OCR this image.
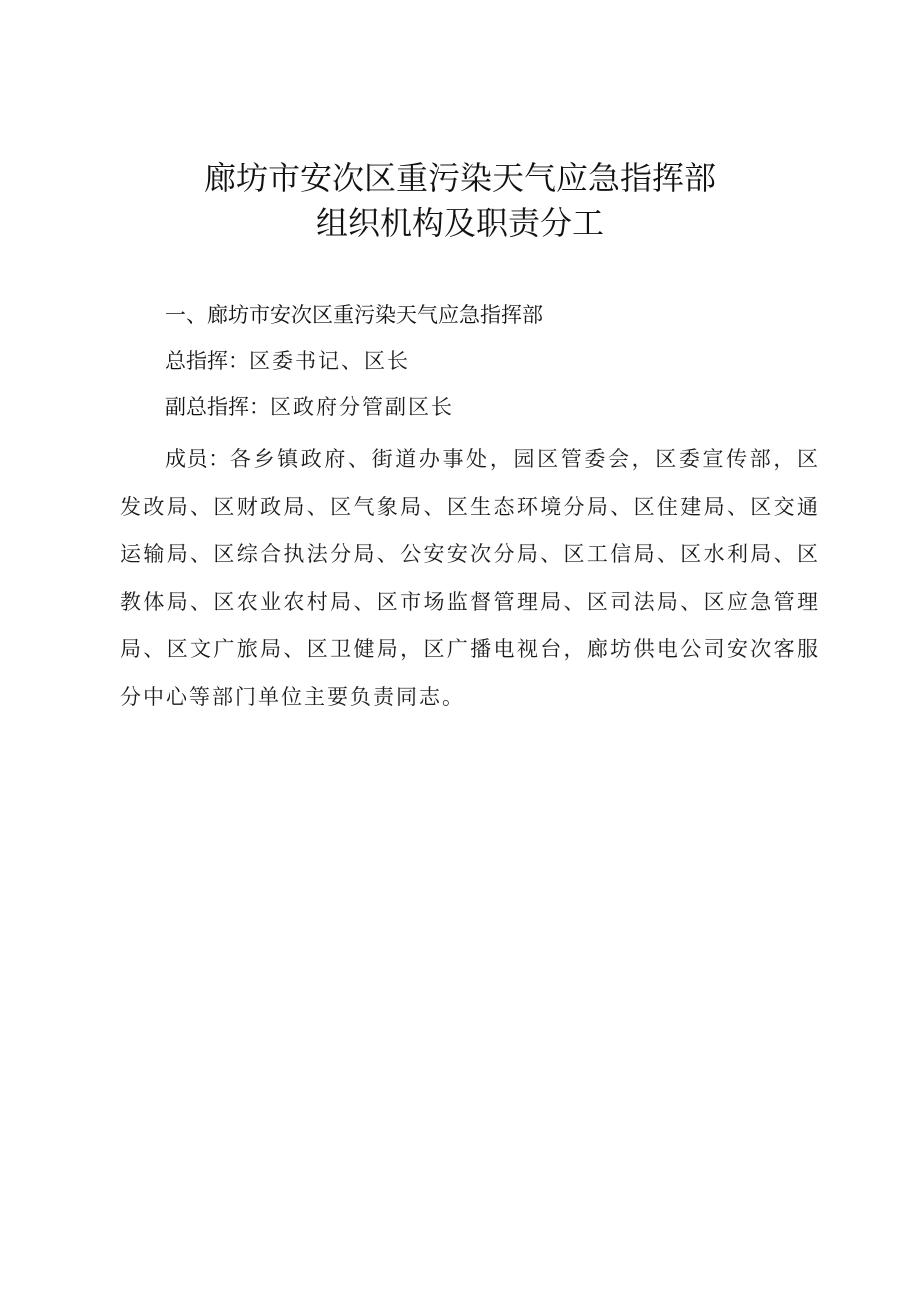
廊坊市安次区重污染天气应急指挥部
组织机构及职责分工
一、廊坊市安次区重污染天气应急指挥部
总指挥：区委书记、区长
副总指挥：区政府分管副区长
成员：各乡镇政府、街道办事处，园区管委会，区委宣传部，区发改局、区财政局、区气象局、区生态环境分局、区住建局、区交通运输局、区综合执法分局、公安安次分局、区工信局、区水利局、区教体局、区农业农村局、区市场监督管理局、区司法局、区应急管理局、区文广旅局、区卫健局，区广播电视台，廊坊供电公司安次客服分中心等部门单位主要负责同志。
